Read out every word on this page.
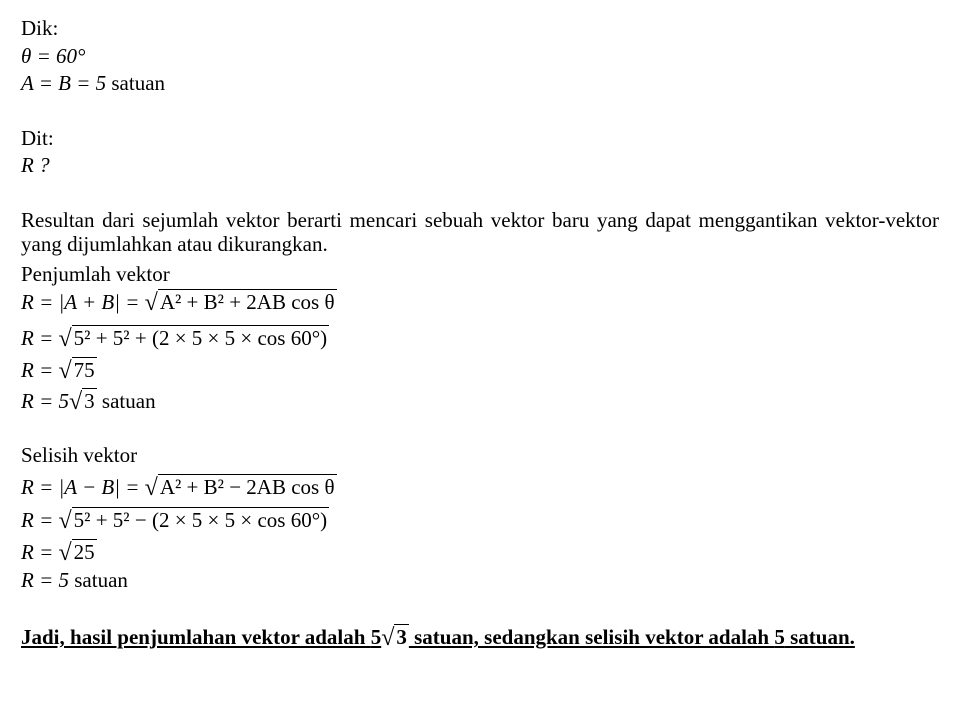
Dik:
θ = 60°
A = B = 5 satuan
Dit:
R ?
Resultan dari sejumlah vektor berarti mencari sebuah vektor baru yang dapat menggantikan vektor-vektor yang dijumlahkan atau dikurangkan.
Penjumlah vektor
R = |A + B| = √A² + B² + 2AB cos θ
R = √5² + 5² + (2 × 5 × 5 × cos 60°)
R = √75
R = 5√3 satuan
Selisih vektor
R = |A − B| = √A² + B² − 2AB cos θ
R = √5² + 5² − (2 × 5 × 5 × cos 60°)
R = √25
R = 5 satuan
Jadi, hasil penjumlahan vektor adalah 5√3 satuan, sedangkan selisih vektor adalah 5 satuan.
